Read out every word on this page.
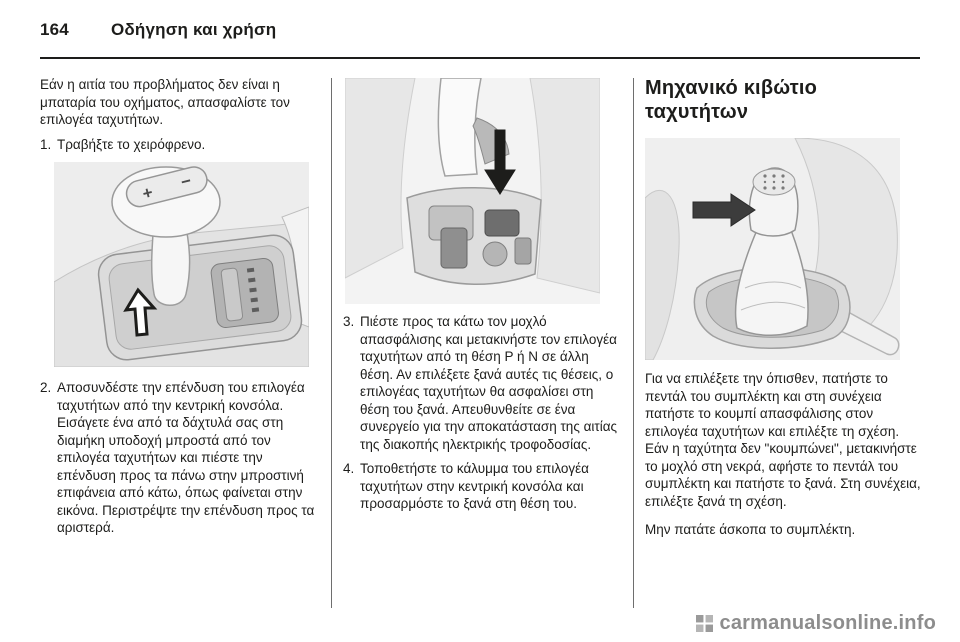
164 Οδήγηση και χρήση

Εάν η αιτία του προβλήματος δεν είναι η μπαταρία του οχήματος, απασφαλίστε τον επιλογέα ταχυτήτων.

1. Τραβήξτε το χειρόφρενο.
+
−
2. Αποσυνδέστε την επένδυση του επιλογέα ταχυτήτων από την κεντρική κονσόλα. Εισάγετε ένα από τα δάχτυλά σας στη διαμήκη υποδοχή μπροστά από τον επιλογέα ταχυτήτων και πιέστε την επένδυση προς τα πάνω στην μπροστινή επιφάνεια από κάτω, όπως φαίνεται στην εικόνα. Περιστρέψτε την επένδυση προς τα αριστερά.
3. Πιέστε προς τα κάτω τον μοχλό απασφάλισης και μετακινήστε τον επιλογέα ταχυτήτων από τη θέση P ή N σε άλλη θέση. Αν επιλέξετε ξανά αυτές τις θέσεις, ο επιλογέας ταχυτήτων θα ασφαλίσει στη θέση του ξανά. Απευθυνθείτε σε ένα συνεργείο για την αποκατάσταση της αιτίας της διακοπής ηλεκτρικής τροφοδοσίας.
4. Τοποθετήστε το κάλυμμα του επιλογέα ταχυτήτων στην κεντρική κονσόλα και προσαρμόστε το ξανά στη θέση του.
Μηχανικό κιβώτιο
ταχυτήτων

Για να επιλέξετε την όπισθεν, πατήστε το πεντάλ του συμπλέκτη και στη συνέχεια πατήστε το κουμπί απασφάλισης στον επιλογέα ταχυτήτων και επιλέξτε τη σχέση.

Εάν η ταχύτητα δεν "κουμπώνει", μετακινήστε το μοχλό στη νεκρά, αφήστε το πεντάλ του συμπλέκτη και πατήστε το ξανά. Στη συνέχεια, επιλέξτε ξανά τη σχέση.

Μην πατάτε άσκοπα το συμπλέκτη.

carmanualsonline.info
